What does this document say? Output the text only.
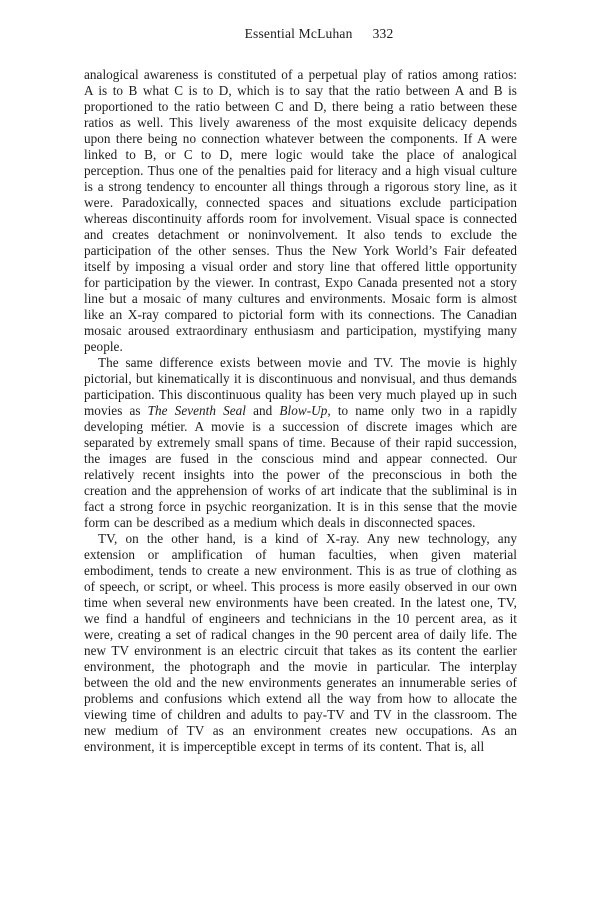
Essential McLuhan 332

analogical awareness is constituted of a perpetual play of ratios among ratios: A is to B what C is to D, which is to say that the ratio between A and B is proportioned to the ratio between C and D, there being a ratio between these ratios as well. This lively awareness of the most exquisite delicacy depends upon there being no connection whatever between the components. If A were linked to B, or C to D, mere logic would take the place of analogical perception. Thus one of the penalties paid for literacy and a high visual culture is a strong tendency to encounter all things through a rigorous story line, as it were. Paradoxically, connected spaces and situations exclude participation whereas discontinuity affords room for involvement. Visual space is connected and creates detachment or noninvolvement. It also tends to exclude the participation of the other senses. Thus the New York World’s Fair defeated itself by imposing a visual order and story line that offered little opportunity for participation by the viewer. In contrast, Expo Canada presented not a story line but a mosaic of many cultures and environments. Mosaic form is almost like an X-ray compared to pictorial form with its connections. The Canadian mosaic aroused extraordinary enthusiasm and participation, mystifying many people.

The same difference exists between movie and TV. The movie is highly pictorial, but kinematically it is discontinuous and nonvisual, and thus demands participation. This discontinuous quality has been very much played up in such movies as The Seventh Seal and Blow-Up, to name only two in a rapidly developing métier. A movie is a succession of discrete images which are separated by extremely small spans of time. Because of their rapid succession, the images are fused in the conscious mind and appear connected. Our relatively recent insights into the power of the preconscious in both the creation and the apprehension of works of art indicate that the subliminal is in fact a strong force in psychic reorganization. It is in this sense that the movie form can be described as a medium which deals in disconnected spaces.

TV, on the other hand, is a kind of X-ray. Any new technology, any extension or amplification of human faculties, when given material embodiment, tends to create a new environment. This is as true of clothing as of speech, or script, or wheel. This process is more easily observed in our own time when several new environments have been created. In the latest one, TV, we find a handful of engineers and technicians in the 10 percent area, as it were, creating a set of radical changes in the 90 percent area of daily life. The new TV environment is an electric circuit that takes as its content the earlier environment, the photograph and the movie in particular. The interplay between the old and the new environments generates an innumerable series of problems and confusions which extend all the way from how to allocate the viewing time of children and adults to pay-TV and TV in the classroom. The new medium of TV as an environment creates new occupations. As an environment, it is imperceptible except in terms of its content. That is, all
